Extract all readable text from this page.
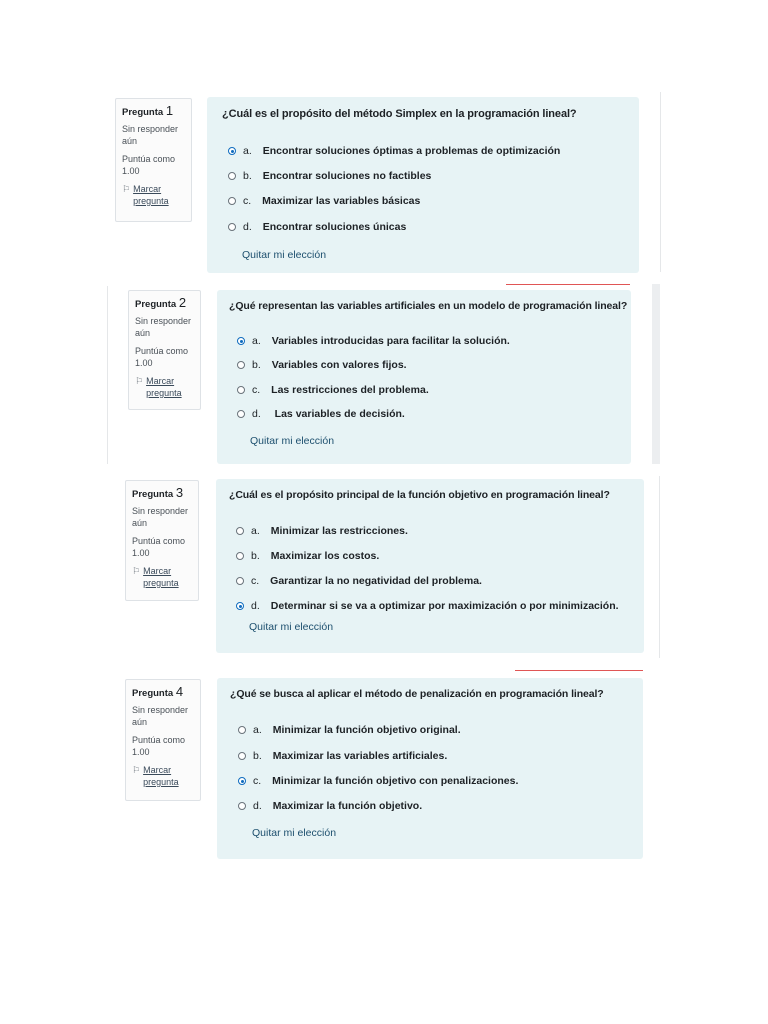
Pregunta 1
Sin responder aún
Puntúa como 1.00
⚐ Marcar pregunta
¿Cuál es el propósito del método Simplex en la programación lineal?
a. Encontrar soluciones óptimas a problemas de optimización
b. Encontrar soluciones no factibles
c. Maximizar las variables básicas
d. Encontrar soluciones únicas
Quitar mi elección
Pregunta 2
Sin responder aún
Puntúa como 1.00
⚐ Marcar pregunta
¿Qué representan las variables artificiales en un modelo de programación lineal?
a. Variables introducidas para facilitar la solución.
b. Variables con valores fijos.
c. Las restricciones del problema.
d. Las variables de decisión.
Quitar mi elección
Pregunta 3
Sin responder aún
Puntúa como 1.00
⚐ Marcar pregunta
¿Cuál es el propósito principal de la función objetivo en programación lineal?
a. Minimizar las restricciones.
b. Maximizar los costos.
c. Garantizar la no negatividad del problema.
d. Determinar si se va a optimizar por maximización o por minimización.
Quitar mi elección
Pregunta 4
Sin responder aún
Puntúa como 1.00
⚐ Marcar pregunta
¿Qué se busca al aplicar el método de penalización en programación lineal?
a. Minimizar la función objetivo original.
b. Maximizar las variables artificiales.
c. Minimizar la función objetivo con penalizaciones.
d. Maximizar la función objetivo.
Quitar mi elección
